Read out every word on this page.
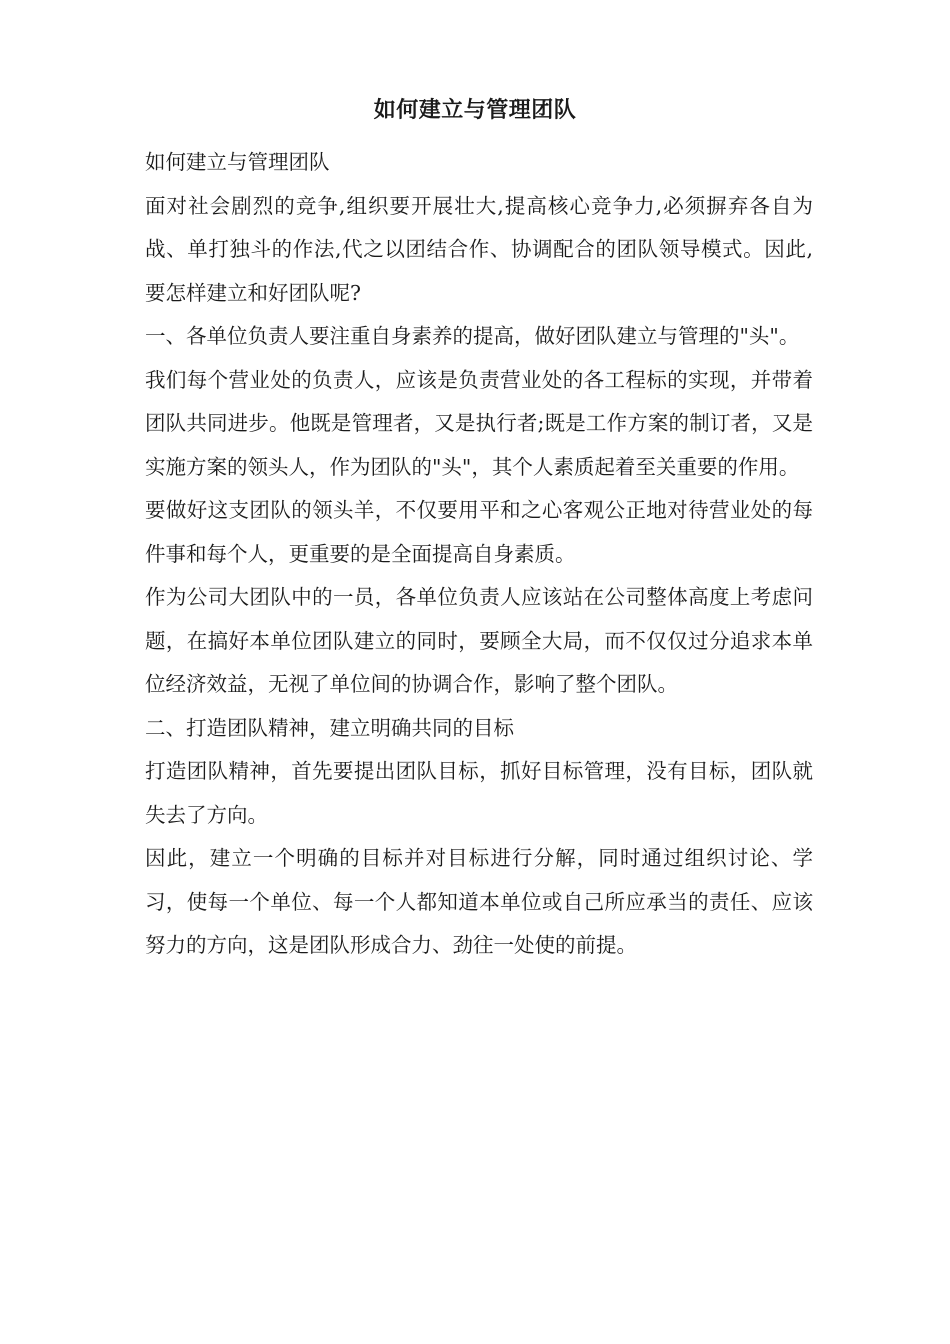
如何建立与管理团队

如何建立与管理团队

面对社会剧烈的竞争,组织要开展壮大,提高核心竞争力,必须摒弃各自为战、单打独斗的作法,代之以团结合作、协调配合的团队领导模式。因此,要怎样建立和好团队呢?

一、各单位负责人要注重自身素养的提高，做好团队建立与管理的"头"。

我们每个营业处的负责人，应该是负责营业处的各工程标的实现，并带着团队共同进步。他既是管理者，又是执行者;既是工作方案的制订者，又是实施方案的领头人，作为团队的"头"，其个人素质起着至关重要的作用。

要做好这支团队的领头羊，不仅要用平和之心客观公正地对待营业处的每件事和每个人，更重要的是全面提高自身素质。

作为公司大团队中的一员，各单位负责人应该站在公司整体高度上考虑问题，在搞好本单位团队建立的同时，要顾全大局，而不仅仅过分追求本单位经济效益，无视了单位间的协调合作，影响了整个团队。

二、打造团队精神，建立明确共同的目标

打造团队精神，首先要提出团队目标，抓好目标管理，没有目标，团队就失去了方向。

因此，建立一个明确的目标并对目标进行分解，同时通过组织讨论、学习，使每一个单位、每一个人都知道本单位或自己所应承当的责任、应该努力的方向，这是团队形成合力、劲往一处使的前提。
